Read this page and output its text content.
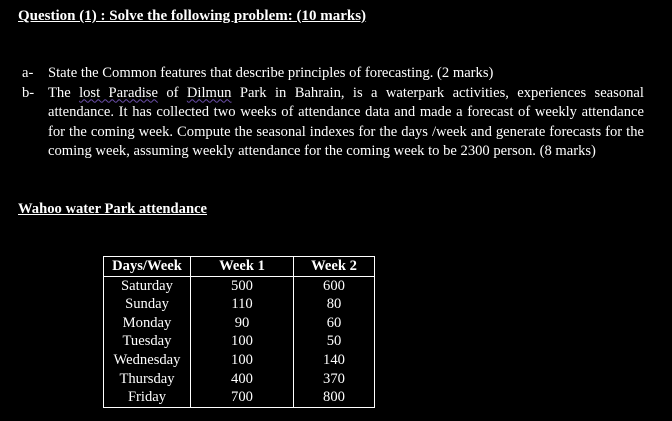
Question (1) : Solve the following problem: (10 marks)
a-	State the Common features that describe principles of forecasting. (2 marks)
b- The lost Paradise of Dilmun Park in Bahrain, is a waterpark activities, experiences seasonal attendance. It has collected two weeks of attendance data and made a forecast of weekly attendance for the coming week. Compute the seasonal indexes for the days /week and generate forecasts for the coming week, assuming weekly attendance for the coming week to be 2300 person. (8 marks)
Wahoo water Park attendance
Days/Week	Week 1	Week 2
Saturday	500	600
Sunday	110	80
Monday	90	60
Tuesday	100	50
Wednesday	100	140
Thursday	400	370
Friday	700	800
